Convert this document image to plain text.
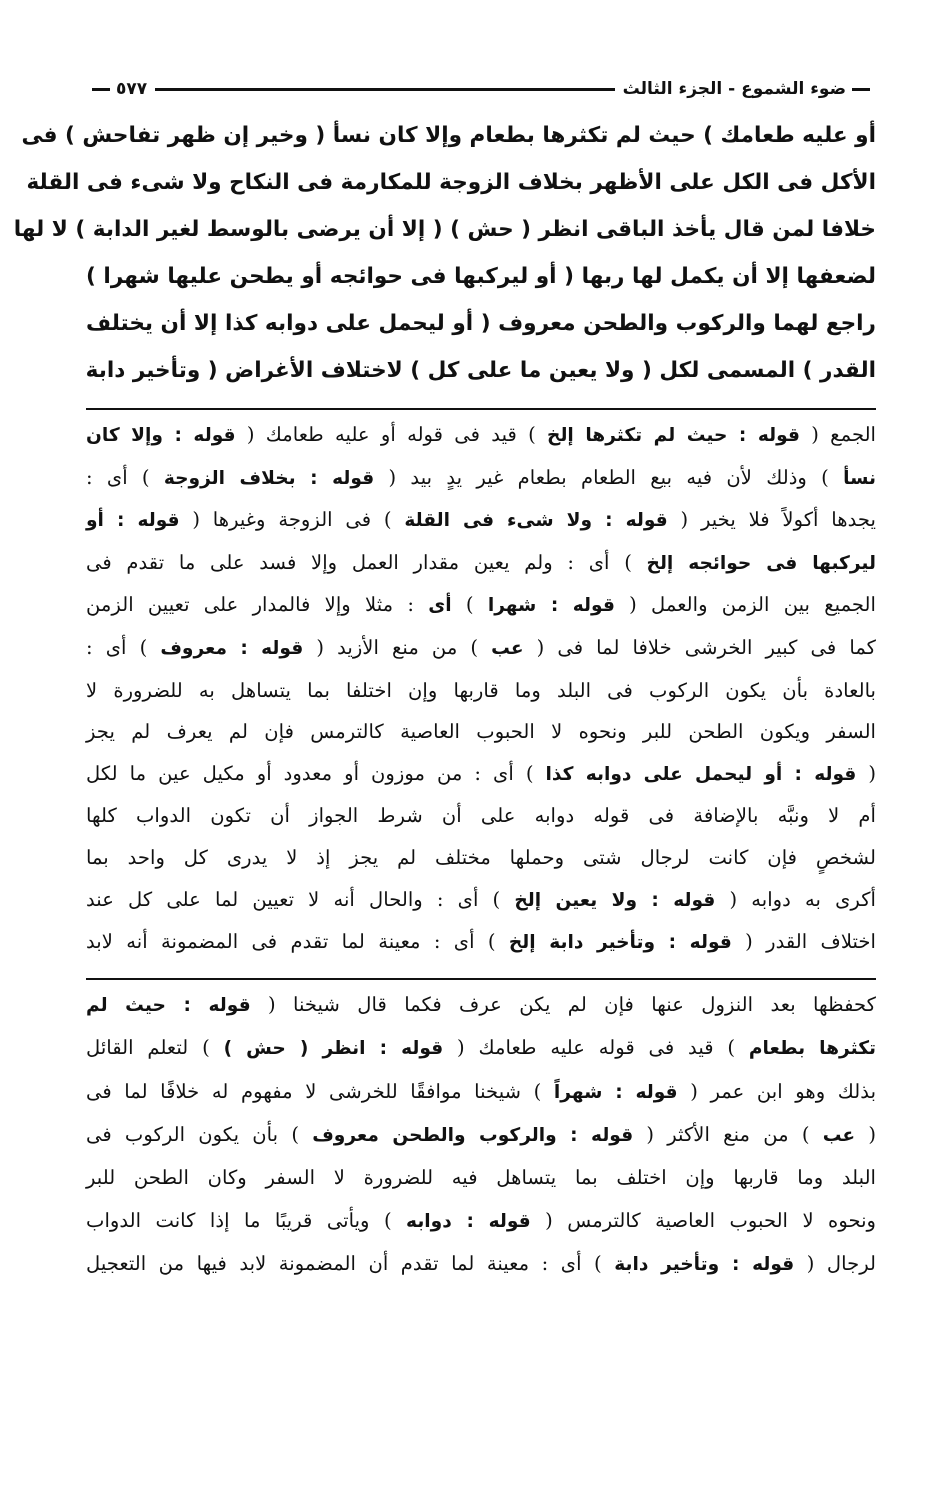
ضوء الشموع - الجزء الثالث
٥٧٧
أو عليه طعامك ) حيث لم تكثرها بطعام وإلا كان نسأ ( وخير إن ظهر تفاحش ) فى
الأكل فى الكل على الأظهر بخلاف الزوجة للمكارمة فى النكاح ولا شىء فى القلة
خلافا لمن قال يأخذ الباقى انظر ( حش ) ( إلا أن يرضى بالوسط لغير الدابة ) لا لها
لضعفها إلا أن يكمل لها ربها ( أو ليركبها فى حوائجه أو يطحن عليها شهرا )
راجع لهما والركوب والطحن معروف ( أو ليحمل على دوابه كذا إلا أن يختلف
القدر ) المسمى لكل ( ولا يعين ما على كل ) لاختلاف الأغراض ( وتأخير دابة
الجمع ( قوله : حيث لم تكثرها إلخ ) قيد فى قوله أو عليه طعامك ( قوله : وإلا كان
نسأ ) وذلك لأن فيه بيع الطعام بطعام غير يدٍ بيد ( قوله : بخلاف الزوجة ) أى :
يجدها أكولاً فلا يخير ( قوله : ولا شىء فى القلة ) فى الزوجة وغيرها ( قوله : أو
ليركبها فى حوائجه إلخ ) أى : ولم يعين مقدار العمل وإلا فسد على ما تقدم فى
الجميع بين الزمن والعمل ( قوله : شهرا ) أى : مثلا وإلا فالمدار على تعيين الزمن
كما فى كبير الخرشى خلافا لما فى ( عب ) من منع الأزيد ( قوله : معروف ) أى :
بالعادة بأن يكون الركوب فى البلد وما قاربها وإن اختلفا بما يتساهل به للضرورة لا
السفر ويكون الطحن للبر ونحوه لا الحبوب العاصية كالترمس فإن لم يعرف لم يجز
( قوله : أو ليحمل على دوابه كذا ) أى : من موزون أو معدود أو مكيل عين ما لكل
أم لا ونبَّه بالإضافة فى قوله دوابه على أن شرط الجواز أن تكون الدواب كلها
لشخصٍ فإن كانت لرجال شتى وحملها مختلف لم يجز إذ لا يدرى كل واحد بما
أكرى به دوابه ( قوله : ولا يعين إلخ ) أى : والحال أنه لا تعيين لما على كل عند
اختلاف القدر ( قوله : وتأخير دابة إلخ ) أى : معينة لما تقدم فى المضمونة أنه لابد
كحفظها بعد النزول عنها فإن لم يكن عرف فكما قال شيخنا ( قوله : حيث لم
تكثرها بطعام ) قيد فى قوله عليه طعامك ( قوله : انظر ( حش ) ) لتعلم القائل
بذلك وهو ابن عمر ( قوله : شهراً ) شيخنا موافقًا للخرشى لا مفهوم له خلافًا لما فى
( عب ) من منع الأكثر ( قوله : والركوب والطحن معروف ) بأن يكون الركوب فى
البلد وما قاربها وإن اختلف بما يتساهل فيه للضرورة لا السفر وكان الطحن للبر
ونحوه لا الحبوب العاصية كالترمس ( قوله : دوابه ) ويأتى قريبًا ما إذا كانت الدواب
لرجال ( قوله : وتأخير دابة ) أى : معينة لما تقدم أن المضمونة لابد فيها من التعجيل
